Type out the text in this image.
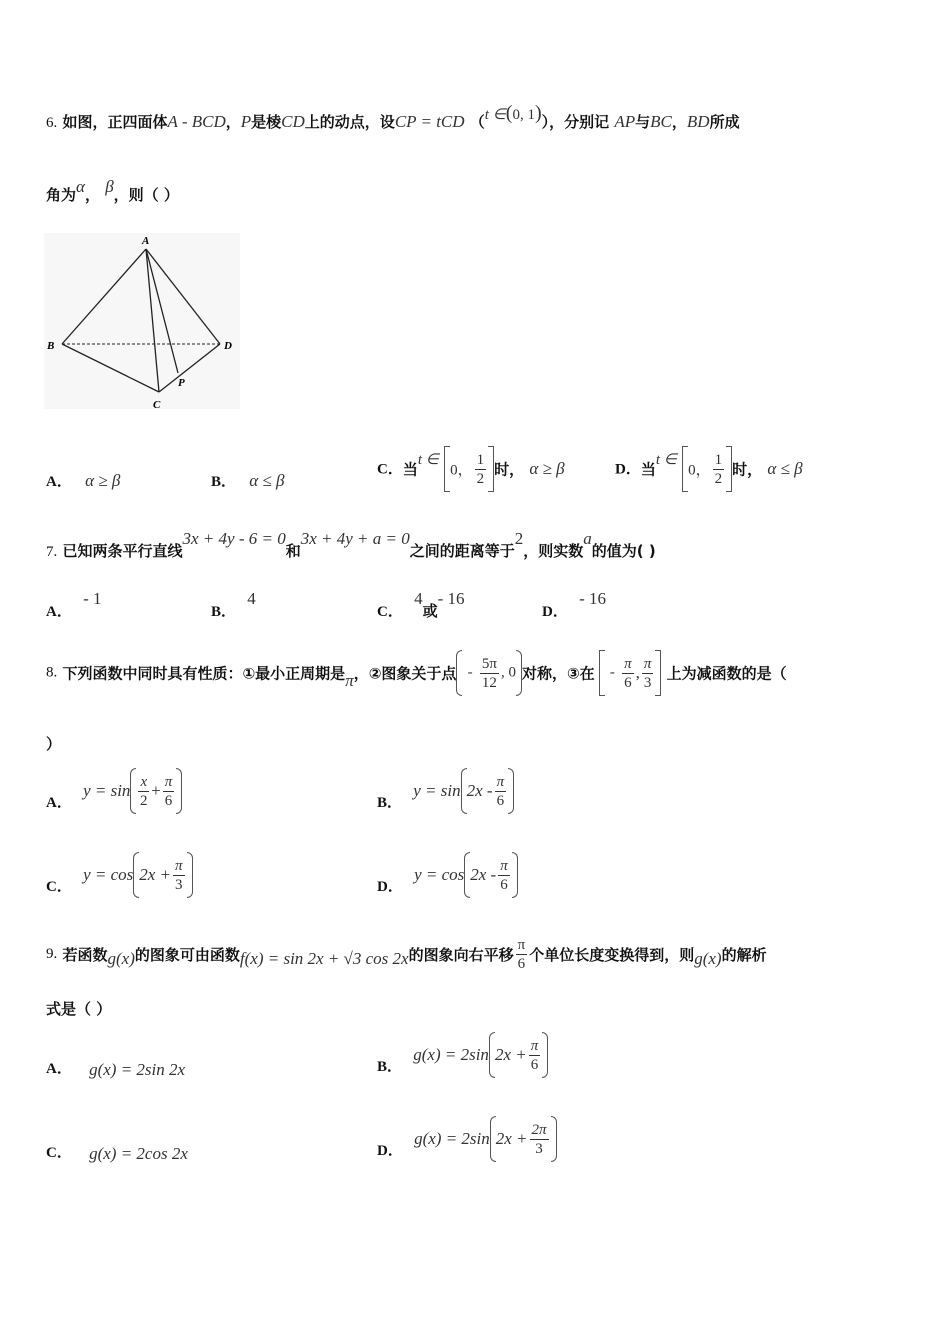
6. 如图，正四面体A - BCD，P是棱CD上的动点，设CP = tCD （t ∈(0, 1)），分别记 AP与BC，BD所成
角为α， β，则（ ）
A
B
C
D
P
A． α ≥ β	B． α ≤ β
C．当t ∈ 0， $\frac{1}{2}$ 时， α ≥ β	D．当t ∈ 0， $\frac{1}{2}$ 时， α ≤ β
7. 已知两条平行直线3x + 4y - 6 = 0和3x + 4y + a = 0之间的距离等于2，则实数a的值为( )
A． - 1
B． 4
C． 4或- 16
D． - 16
8. 下列函数中同时具有性质：①最小正周期是π，②图象关于点 - $\frac{5\pi}{12}$ , 0 对称，③在 - $\frac{\pi}{6}$ , $\frac{\pi}{3}$ 上为减函数的是（
）
A． $y = \sin \frac{x}{2} + \frac{\pi}{6}$	B． $y = \sin 2x - \frac{\pi}{6}$
C． $y = \cos 2x + \frac{\pi}{3}$	D． $y = \cos 2x - \frac{\pi}{6}$
9. 若函数g(x)的图象可由函数f(x) = sin 2x + √3 cos 2x的图象向右平移 $\frac{\pi}{6}$ 个单位长度变换得到，则g(x)的解析
式是（ ）
A． g(x) = 2sin 2x	B． g(x) = 2sin $2x + \frac{\pi}{6}$
C． g(x) = 2cos 2x	D． g(x) = 2sin $2x + \frac{2\pi}{3}$
